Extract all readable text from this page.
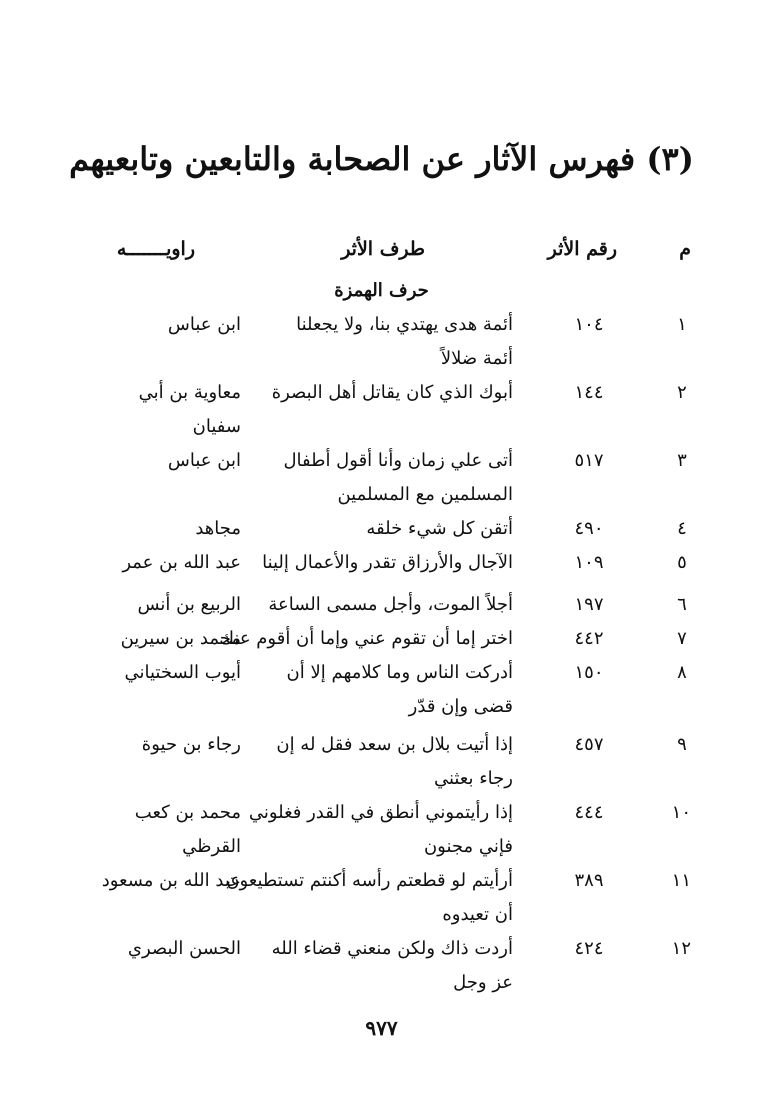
(٣) فهرس الآثار عن الصحابة والتابعين وتابعيهم
م
رقم الأثر
طرف الأثر
راويـــــــه
حرف الهمزة
١
١٠٤
أئمة هدى يهتدي بنا، ولا يجعلنا
أئمة ضلالاً
ابن عباس
٢
١٤٤
أبوك الذي كان يقاتل أهل البصرة
معاوية بن أبي
سفيان
٣
٥١٧
أتى علي زمان وأنا أقول أطفال
المسلمين مع المسلمين
ابن عباس
٤
٤٩٠
أتقن كل شيء خلقه
مجاهد
٥
١٠٩
الآجال والأرزاق تقدر والأعمال إلينا
عبد الله بن عمر
٦
١٩٧
أجلاً الموت، وأجل مسمى الساعة
الربيع بن أنس
٧
٤٤٢
اختر إما أن تقوم عني وإما أن أقوم عنك
محمد بن سيرين
٨
١٥٠
أدركت الناس وما كلامهم إلا أن
قضى وإن قدّر
أيوب السختياني
٩
٤٥٧
إذا أتيت بلال بن سعد فقل له إن
رجاء بعثني
رجاء بن حيوة
١٠
٤٤٤
إذا رأيتموني أنطق في القدر فغلوني
فإني مجنون
محمد بن كعب
القرظي
١١
٣٨٩
أرأيتم لو قطعتم رأسه أكنتم تستطيعون
أن تعيدوه
عبد الله بن مسعود
١٢
٤٢٤
أردت ذاك ولكن منعني قضاء الله
عز وجل
الحسن البصري
٩٧٧
